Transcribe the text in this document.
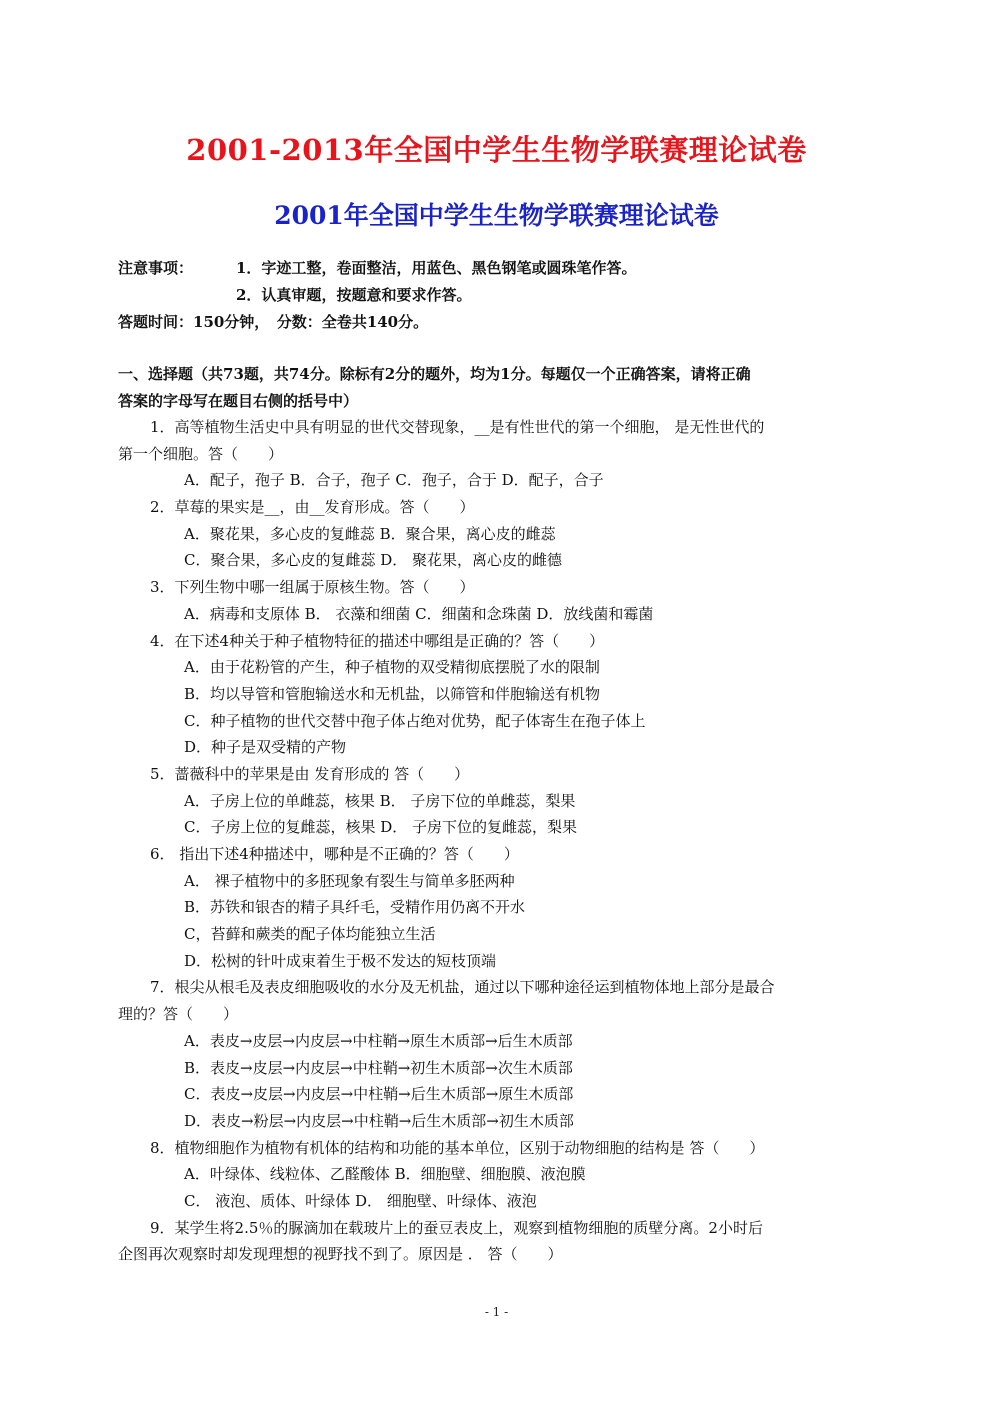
2001-2013年全国中学生生物学联赛理论试卷
2001年全国中学生生物学联赛理论试卷
注意事项：	1．字迹工整，卷面整洁，用蓝色、黑色钢笔或圆珠笔作答。
2．认真审题，按题意和要求作答。
答题时间：150分钟，　分数：全卷共140分。
一、选择题（共73题，共74分。除标有2分的题外，均为1分。每题仅一个正确答案，请将正确
答案的字母写在题目右侧的括号中）
1．高等植物生活史中具有明显的世代交替现象，__是有性世代的第一个细胞， 是无性世代的
第一个细胞。答（　　）
A．配子，孢子 B．合子，孢子 C．孢子，合于 D．配子，合子
2．草莓的果实是__，由__发育形成。答（　　）
A．聚花果，多心皮的复雌蕊 B．聚合果，离心皮的雌蕊
C．聚合果，多心皮的复雌蕊 D． 聚花果，离心皮的雌德
3．下列生物中哪一组属于原核生物。答（　　）
A．病毒和支原体 B． 衣藻和细菌 C．细菌和念珠菌 D．放线菌和霉菌
4．在下述4种关于种子植物特征的描述中哪组是正确的？答（　　）
A．由于花粉管的产生，种子植物的双受精彻底摆脱了水的限制
B．均以导管和管胞输送水和无机盐，以筛管和伴胞输送有机物
C．种子植物的世代交替中孢子体占绝对优势，配子体寄生在孢子体上
D．种子是双受精的产物
5．蔷薇科中的苹果是由 发育形成的 答（　　）
A．子房上位的单雌蕊，核果 B． 子房下位的单雌蕊，梨果
C．子房上位的复雌蕊，核果 D． 子房下位的复雌蕊，梨果
6． 指出下述4种描述中，哪种是不正确的？答（　　）
A． 裸子植物中的多胚现象有裂生与简单多胚两种
B．苏铁和银杏的精子具纤毛，受精作用仍离不开水
C，苔藓和蕨类的配子体均能独立生活
D．松树的针叶成束着生于极不发达的短枝顶端
7．根尖从根毛及表皮细胞吸收的水分及无机盐，通过以下哪种途径运到植物体地上部分是最合
理的？答（　　）
A．表皮→皮层→内皮层→中柱鞘→原生木质部→后生木质部
B．表皮→皮层→内皮层→中柱鞘→初生木质部→次生木质部
C．表皮→皮层→内皮层→中柱鞘→后生木质部→原生木质部
D．表皮→粉层→内皮层→中柱鞘→后生木质部→初生木质部
8．植物细胞作为植物有机体的结构和功能的基本单位，区别于动物细胞的结构是 答（　　）
A．叶绿体、线粒体、乙醛酸体 B．细胞壁、细胞膜、液泡膜
C． 液泡、质体、叶绿体 D． 细胞壁、叶绿体、液泡
9．某学生将2.5％的脲滴加在载玻片上的蚕豆表皮上，观察到植物细胞的质壁分离。2小时后
企图再次观察时却发现理想的视野找不到了。原因是 ． 答（　　）
- 1 -
